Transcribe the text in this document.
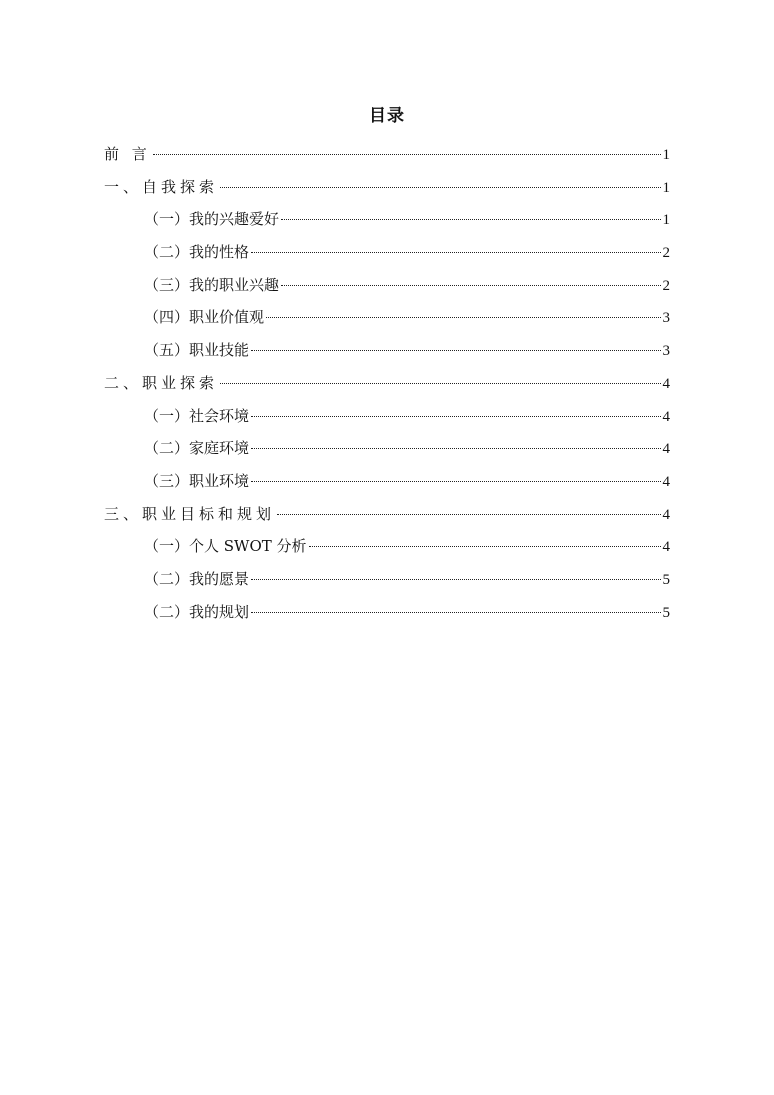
目录
前 言	1
一、自我探索	1
（一）我的兴趣爱好	1
（二）我的性格	2
（三）我的职业兴趣	2
（四）职业价值观	3
（五）职业技能	3
二、职业探索	4
（一）社会环境	4
（二）家庭环境	4
（三）职业环境	4
三、职业目标和规划	4
（一）个人 SWOT 分析	4
（二）我的愿景	5
（二）我的规划	5
